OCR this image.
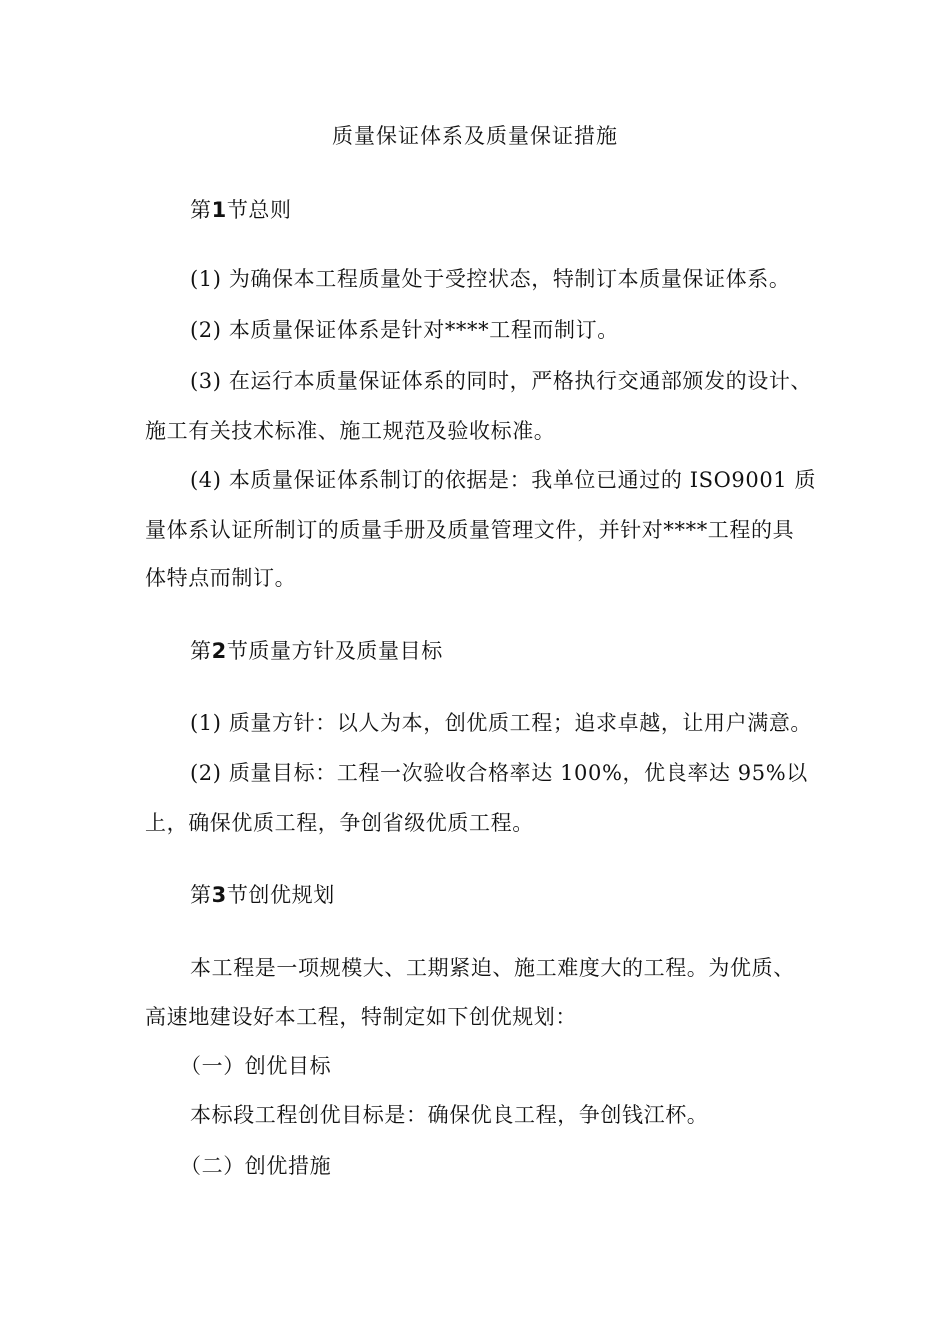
质量保证体系及质量保证措施
第1节总则
(1) 为确保本工程质量处于受控状态，特制订本质量保证体系。
(2) 本质量保证体系是针对****工程而制订。
(3) 在运行本质量保证体系的同时，严格执行交通部颁发的设计、
施工有关技术标准、施工规范及验收标准。
(4) 本质量保证体系制订的依据是：我单位已通过的 ISO9001 质
量体系认证所制订的质量手册及质量管理文件，并针对****工程的具
体特点而制订。
第2节质量方针及质量目标
(1) 质量方针：以人为本，创优质工程；追求卓越，让用户满意。
(2) 质量目标：工程一次验收合格率达 100%，优良率达 95%以
上，确保优质工程，争创省级优质工程。
第3节创优规划
本工程是一项规模大、工期紧迫、施工难度大的工程。为优质、
高速地建设好本工程，特制定如下创优规划：
（一）创优目标
本标段工程创优目标是：确保优良工程，争创钱江杯。
（二）创优措施
